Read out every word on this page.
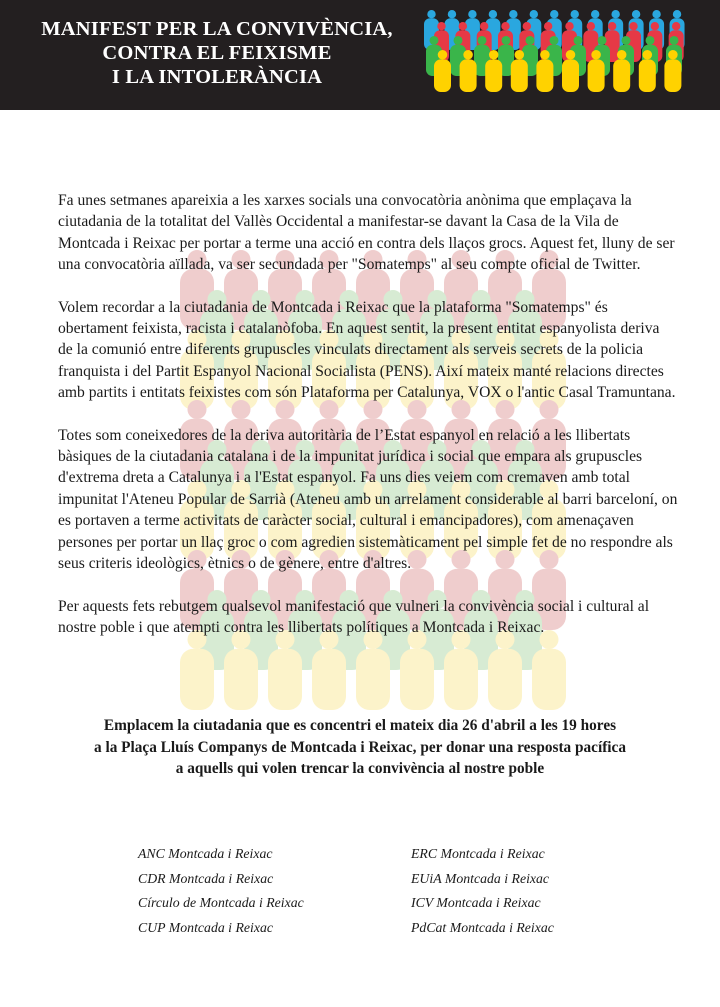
MANIFEST PER LA CONVIVÈNCIA,
CONTRA EL FEIXISME
I LA INTOLERÀNCIA

Fa unes setmanes apareixia a les xarxes socials una convocatòria anònima que emplaçava la ciutadania de la totalitat del Vallès Occidental a manifestar-se davant la Casa de la Vila de Montcada i Reixac per portar a terme una acció en contra dels llaços grocs. Aquest fet, lluny de ser una convocatòria aïllada, va ser secundada per "Somatemps" al seu compte oficial de Twitter.

Volem recordar a la ciutadania de Montcada i Reixac que la plataforma "Somatemps" és obertament feixista, racista i catalanòfoba. En aquest sentit, la present entitat espanyolista deriva de la comunió entre diferents grupuscles vinculats directament als serveis secrets de la policia franquista i del Partit Espanyol Nacional Socialista (PENS). Així mateix manté relacions directes amb partits i entitats feixistes com són Plataforma per Catalunya, VOX o l'antic Casal Tramuntana.

Totes som coneixedores de la deriva autoritària de l’Estat espanyol en relació a les llibertats bàsiques de la ciutadania catalana i de la impunitat jurídica i social que empara als grupuscles d'extrema dreta a Catalunya i a l'Estat espanyol. Fa uns dies veiem com cremaven amb total impunitat l'Ateneu Popular de Sarrià (Ateneu amb un arrelament considerable al barri barceloní, on es portaven a terme activitats de caràcter social, cultural i emancipadores), com amenaçaven persones per portar un llaç groc o com agredien sistemàticament pel simple fet de no respondre als seus criteris ideològics, ètnics o de gènere, entre d'altres.

Per aquests fets rebutgem qualsevol manifestació que vulneri la convivència social i cultural al nostre poble i que atempti contra les llibertats polítiques a Montcada i Reixac.

Emplacem la ciutadania que es concentri el mateix dia 26 d'abril a les 19 hores
a la Plaça Lluís Companys de Montcada i Reixac, per donar una resposta pacífica
a aquells qui volen trencar la convivència al nostre poble

ANC Montcada i Reixac
CDR Montcada i Reixac
Círculo de Montcada i Reixac
CUP Montcada i Reixac
ERC Montcada i Reixac
EUiA Montcada i Reixac
ICV Montcada i Reixac
PdCat Montcada i Reixac
